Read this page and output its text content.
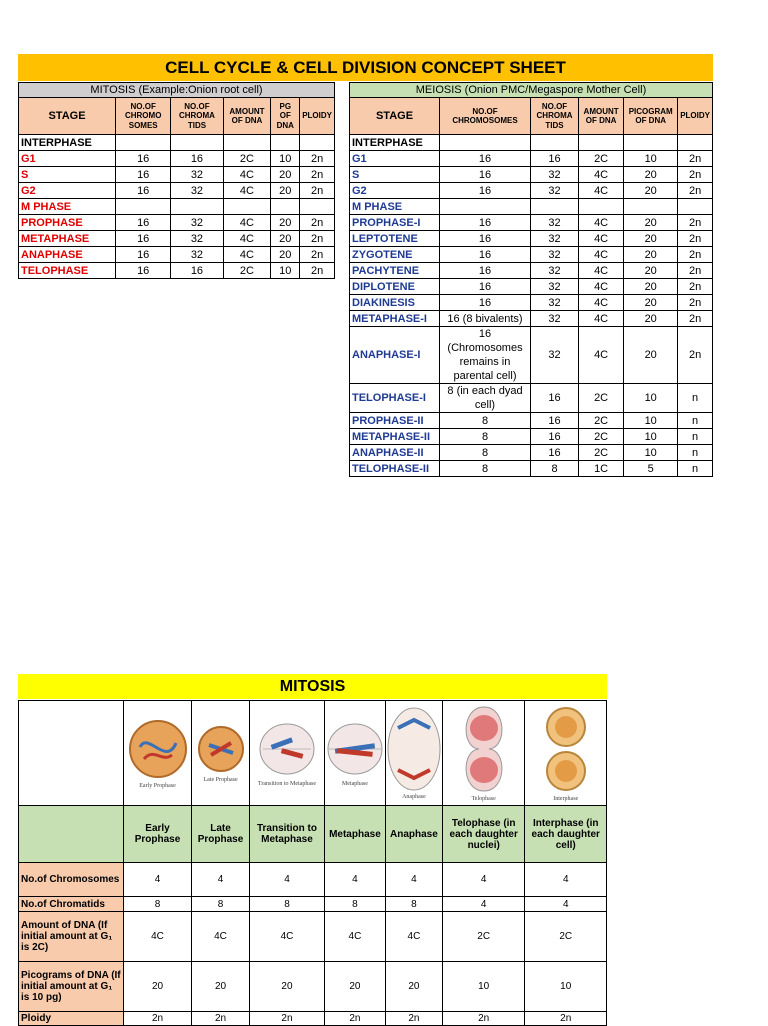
CELL CYCLE & CELL DIVISION CONCEPT SHEET
MITOSIS (Example:Onion root cell)					
STAGE	NO.OF CHROMO SOMES	NO.OF CHROMA TIDS	AMOUNT OF DNA	PG OF DNA	PLOIDY
INTERPHASE					
G1	16	16	2C	10	2n
S	16	32	4C	20	2n
G2	16	32	4C	20	2n
M PHASE					
PROPHASE	16	32	4C	20	2n
METAPHASE	16	32	4C	20	2n
ANAPHASE	16	32	4C	20	2n
TELOPHASE	16	16	2C	10	2n
MEIOSIS (Onion PMC/Megaspore Mother Cell)					
STAGE	NO.OF CHROMOSOMES	NO.OF CHROMA TIDS	AMOUNT OF DNA	PICOGRAM OF DNA	PLOIDY
INTERPHASE					
G1	16	16	2C	10	2n
S	16	32	4C	20	2n
G2	16	32	4C	20	2n
M PHASE					
PROPHASE-I	16	32	4C	20	2n
LEPTOTENE	16	32	4C	20	2n
ZYGOTENE	16	32	4C	20	2n
PACHYTENE	16	32	4C	20	2n
DIPLOTENE	16	32	4C	20	2n
DIAKINESIS	16	32	4C	20	2n
METAPHASE-I	16 (8 bivalents)	32	4C	20	2n
ANAPHASE-I	16 (Chromosomes remains in parental cell)	32	4C	20	2n
TELOPHASE-I	8 (in each dyad cell)	16	2C	10	n
PROPHASE-II	8	16	2C	10	n
METAPHASE-II	8	16	2C	10	n
ANAPHASE-II	8	16	2C	10	n
TELOPHASE-II	8	8	1C	5	n
MITOSIS

	Early Prophase	Late Prophase	Transition to Metaphase	Metaphase	Anaphase	Telophase	Interphase

	Early Prophase	Late Prophase	Transition to Metaphase	Metaphase	Anaphase	Telophase (in each daughter nuclei)	Interphase (in each daughter cell)
No.of Chromosomes	4	4	4	4	4	4	4
No.of Chromatids	8	8	8	8	8	4	4
Amount of DNA (If initial amount at G₁ is 2C)	4C	4C	4C	4C	4C	2C	2C
Picograms of DNA (If initial amount at G₁ is 10 pg)	20	20	20	20	20	10	10
Ploidy	2n	2n	2n	2n	2n	2n	2n
